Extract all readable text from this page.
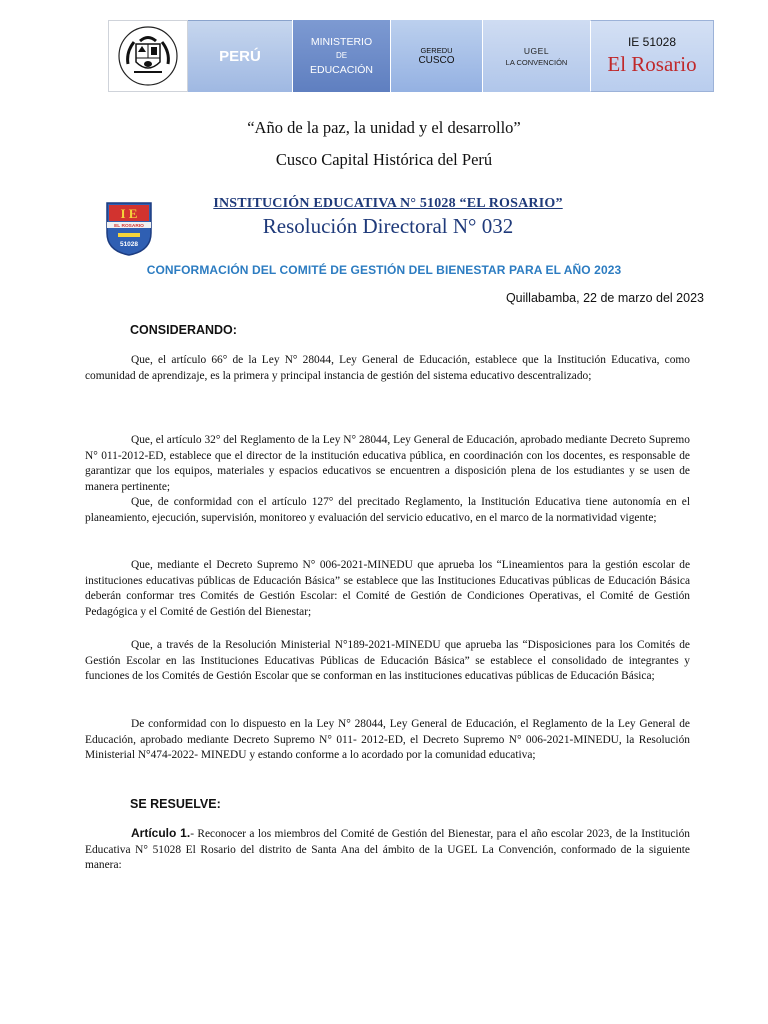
PERÚ
MINISTERIO
DE
EDUCACIÓN
GEREDU
CUSCO
UGEL
LA CONVENCIÓN
IE 51028
El Rosario
“Año de la paz, la unidad y el desarrollo”
Cusco Capital Histórica del Perú
I E
EL ROSARIO
51028
INSTITUCIÓN EDUCATIVA N° 51028 “EL ROSARIO”
Resolución Directoral N° 032
CONFORMACIÓN DEL COMITÉ DE GESTIÓN DEL BIENESTAR PARA EL AÑO 2023
Quillabamba, 22 de marzo del 2023
CONSIDERANDO:

Que, el artículo 66° de la Ley N° 28044, Ley General de Educación, establece que la Institución Educativa, como comunidad de aprendizaje, es la primera y principal instancia de gestión del sistema educativo descentralizado;

Que, el artículo 32° del Reglamento de la Ley N° 28044, Ley General de Educación, aprobado mediante Decreto Supremo N° 011-2012-ED, establece que el director de la institución educativa pública, en coordinación con los docentes, es responsable de garantizar que los equipos, materiales y espacios educativos se encuentren a disposición plena de los estudiantes y se usen de manera pertinente;

Que, de conformidad con el artículo 127° del precitado Reglamento, la Institución Educativa tiene autonomía en el planeamiento, ejecución, supervisión, monitoreo y evaluación del servicio educativo, en el marco de la normatividad vigente;

Que, mediante el Decreto Supremo N° 006-2021-MINEDU que aprueba los “Lineamientos para la gestión escolar de instituciones educativas públicas de Educación Básica” se establece que las Instituciones Educativas públicas de Educación Básica deberán conformar tres Comités de Gestión Escolar: el Comité de Gestión de Condiciones Operativas, el Comité de Gestión Pedagógica y el Comité de Gestión del Bienestar;

Que, a través de la Resolución Ministerial N°189-2021-MINEDU que aprueba las “Disposiciones para los Comités de Gestión Escolar en las Instituciones Educativas Públicas de Educación Básica” se establece el consolidado de integrantes y funciones de los Comités de Gestión Escolar que se conforman en las instituciones educativas públicas de Educación Básica;

De conformidad con lo dispuesto en la Ley N° 28044, Ley General de Educación, el Reglamento de la Ley General de Educación, aprobado mediante Decreto Supremo N° 011- 2012-ED, el Decreto Supremo N° 006-2021-MINEDU, la Resolución Ministerial N°474-2022- MINEDU y estando conforme a lo acordado por la comunidad educativa;

SE RESUELVE:

Artículo 1.- Reconocer a los miembros del Comité de Gestión del Bienestar, para el año escolar 2023, de la Institución Educativa N° 51028 El Rosario del distrito de Santa Ana del ámbito de la UGEL La Convención, conformado de la siguiente manera:
